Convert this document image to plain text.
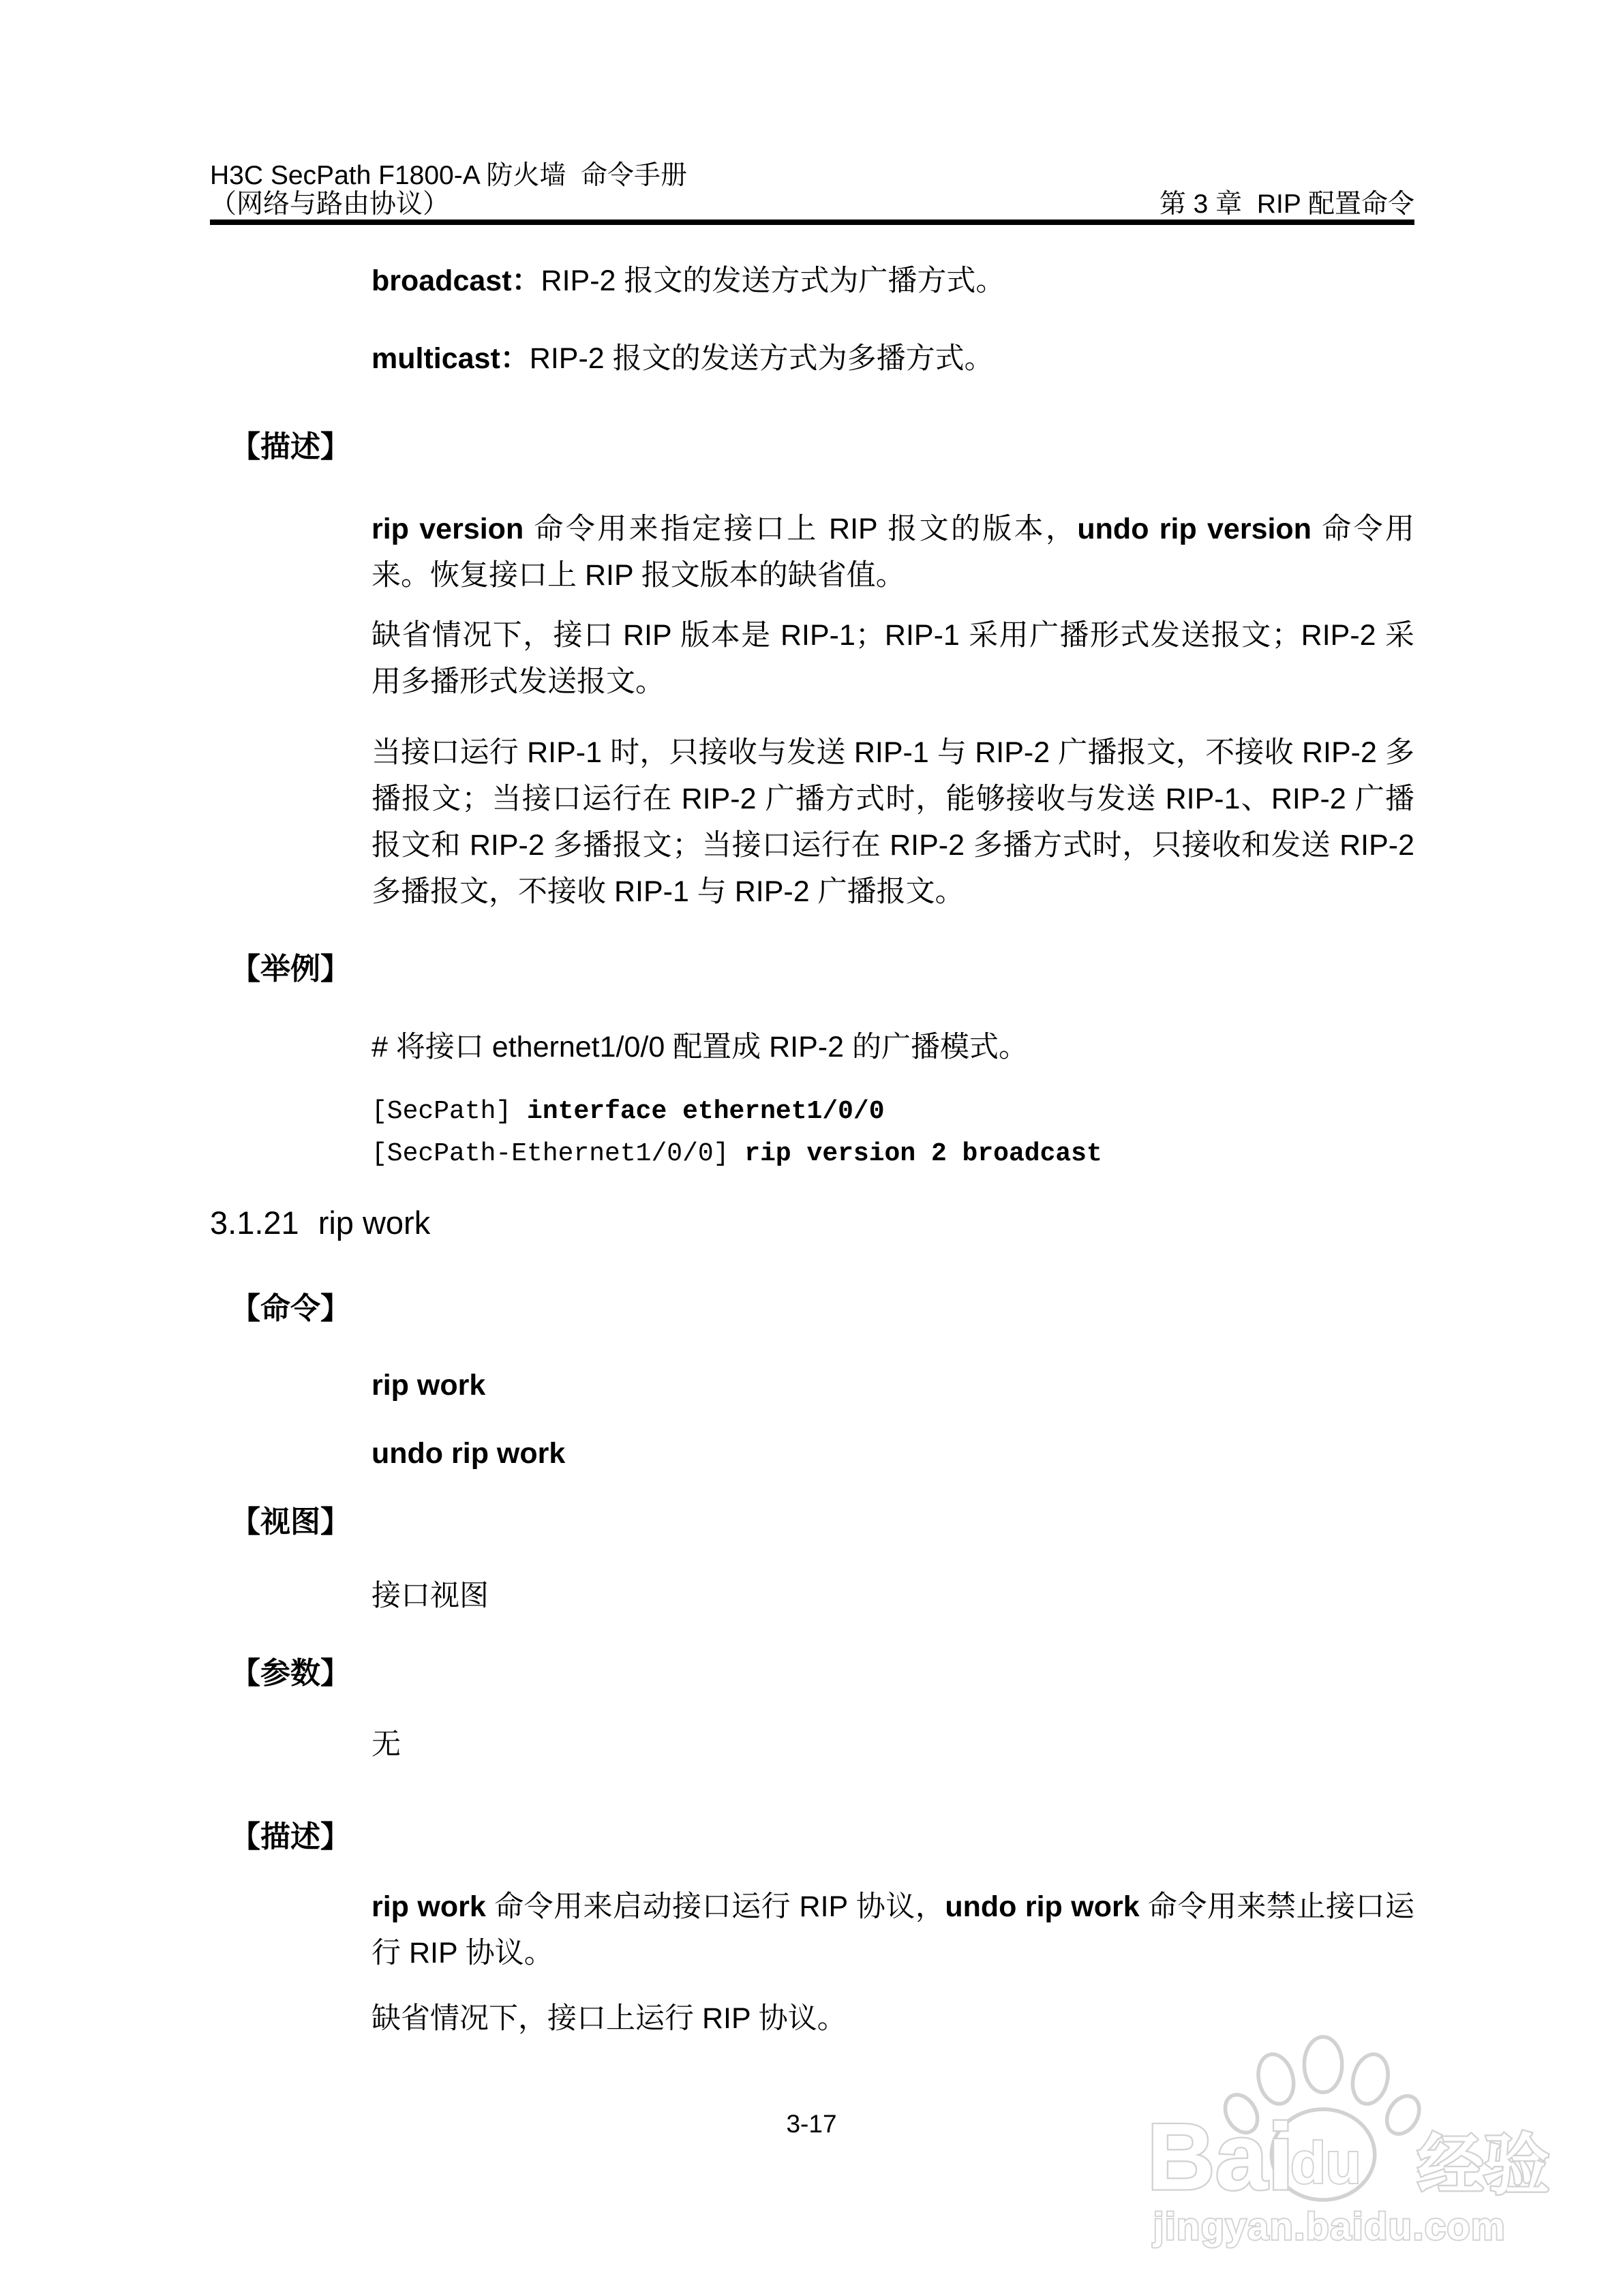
H3C SecPath F1800-A 防火墙  命令手册
（网络与路由协议）	第 3 章  RIP 配置命令

broadcast：RIP-2 报文的发送方式为广播方式。

multicast：RIP-2 报文的发送方式为多播方式。

【描述】

rip version 命令用来指定接口上 RIP 报文的版本，undo rip version 命令用来。恢复接口上 RIP 报文版本的缺省值。

缺省情况下，接口 RIP 版本是 RIP-1；RIP-1 采用广播形式发送报文；RIP-2 采用多播形式发送报文。

当接口运行 RIP-1 时，只接收与发送 RIP-1 与 RIP-2 广播报文，不接收 RIP-2 多播报文；当接口运行在 RIP-2 广播方式时，能够接收与发送 RIP-1、RIP-2 广播报文和 RIP-2 多播报文；当接口运行在 RIP-2 多播方式时，只接收和发送 RIP-2 多播报文，不接收 RIP-1 与 RIP-2 广播报文。

【举例】

# 将接口 ethernet1/0/0 配置成 RIP-2 的广播模式。

[SecPath] interface ethernet1/0/0
[SecPath-Ethernet1/0/0] rip version 2 broadcast
3.1.21 rip work

【命令】

rip work

undo rip work

【视图】

接口视图

【参数】

无

【描述】

rip work 命令用来启动接口运行 RIP 协议，undo rip work 命令用来禁止接口运行 RIP 协议。

缺省情况下，接口上运行 RIP 协议。

3-17	Bai
du 经验
jingyan.baidu.com
